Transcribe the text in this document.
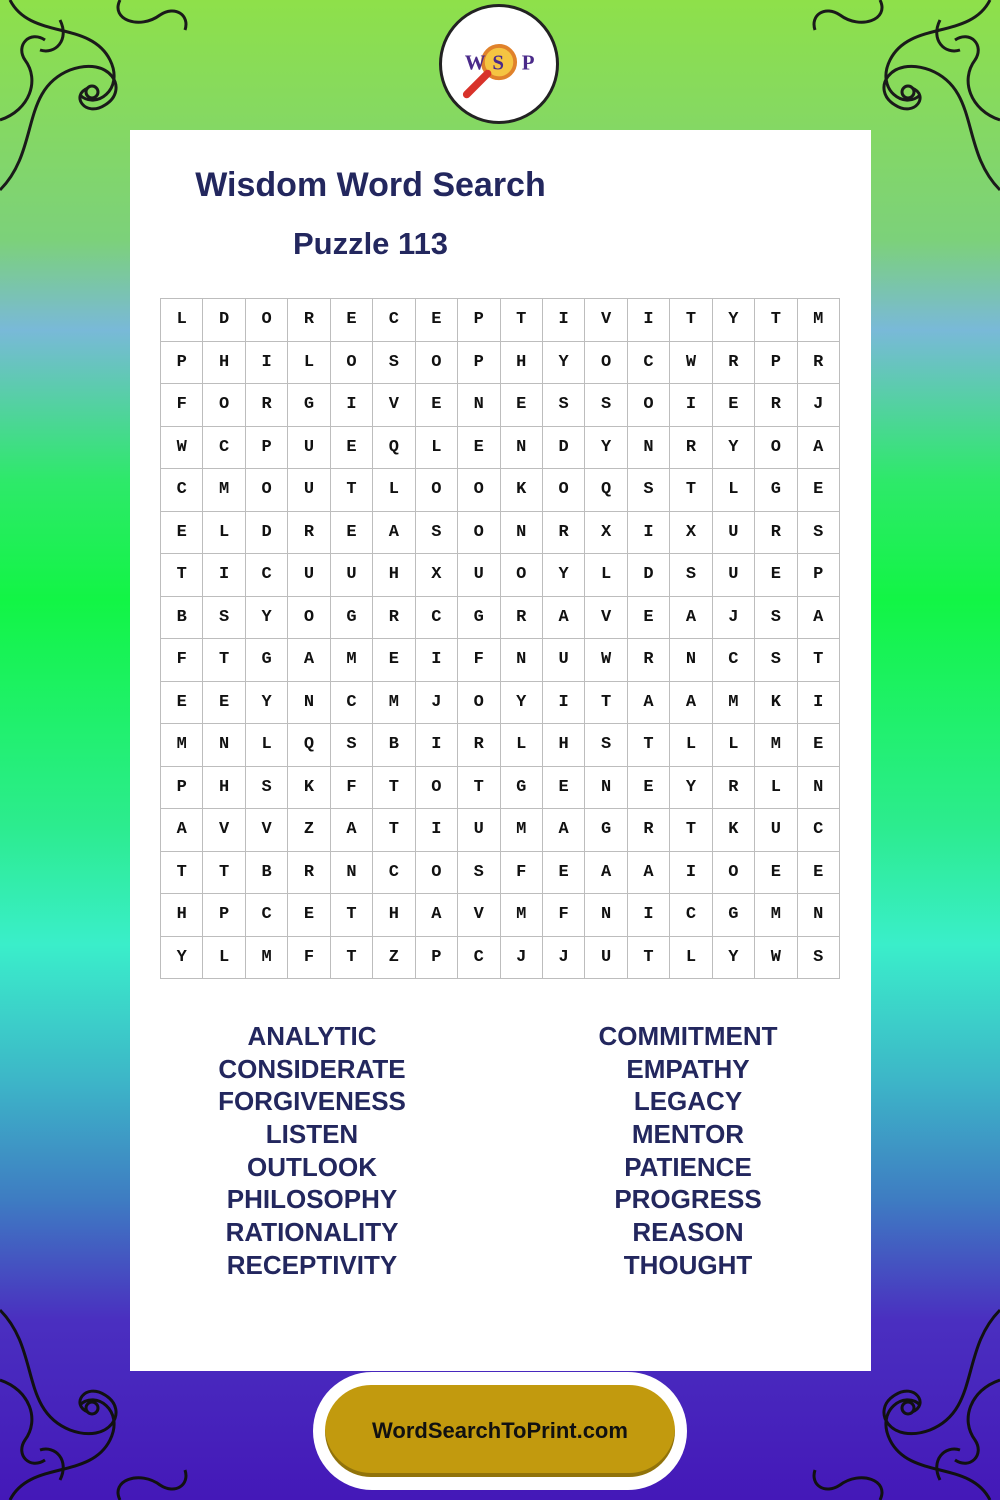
W S P
Wisdom Word Search
Puzzle 113
L	D	O	R	E	C	E	P	T	I	V	I	T	Y	T	M
P	H	I	L	O	S	O	P	H	Y	O	C	W	R	P	R
F	O	R	G	I	V	E	N	E	S	S	O	I	E	R	J
W	C	P	U	E	Q	L	E	N	D	Y	N	R	Y	O	A
C	M	O	U	T	L	O	O	K	O	Q	S	T	L	G	E
E	L	D	R	E	A	S	O	N	R	X	I	X	U	R	S
T	I	C	U	U	H	X	U	O	Y	L	D	S	U	E	P
B	S	Y	O	G	R	C	G	R	A	V	E	A	J	S	A
F	T	G	A	M	E	I	F	N	U	W	R	N	C	S	T
E	E	Y	N	C	M	J	O	Y	I	T	A	A	M	K	I
M	N	L	Q	S	B	I	R	L	H	S	T	L	L	M	E
P	H	S	K	F	T	O	T	G	E	N	E	Y	R	L	N
A	V	V	Z	A	T	I	U	M	A	G	R	T	K	U	C
T	T	B	R	N	C	O	S	F	E	A	A	I	O	E	E
H	P	C	E	T	H	A	V	M	F	N	I	C	G	M	N
Y	L	M	F	T	Z	P	C	J	J	U	T	L	Y	W	S
ANALYTIC
CONSIDERATE
FORGIVENESS
LISTEN
OUTLOOK
PHILOSOPHY
RATIONALITY
RECEPTIVITY
COMMITMENT
EMPATHY
LEGACY
MENTOR
PATIENCE
PROGRESS
REASON
THOUGHT
WordSearchToPrint.com
